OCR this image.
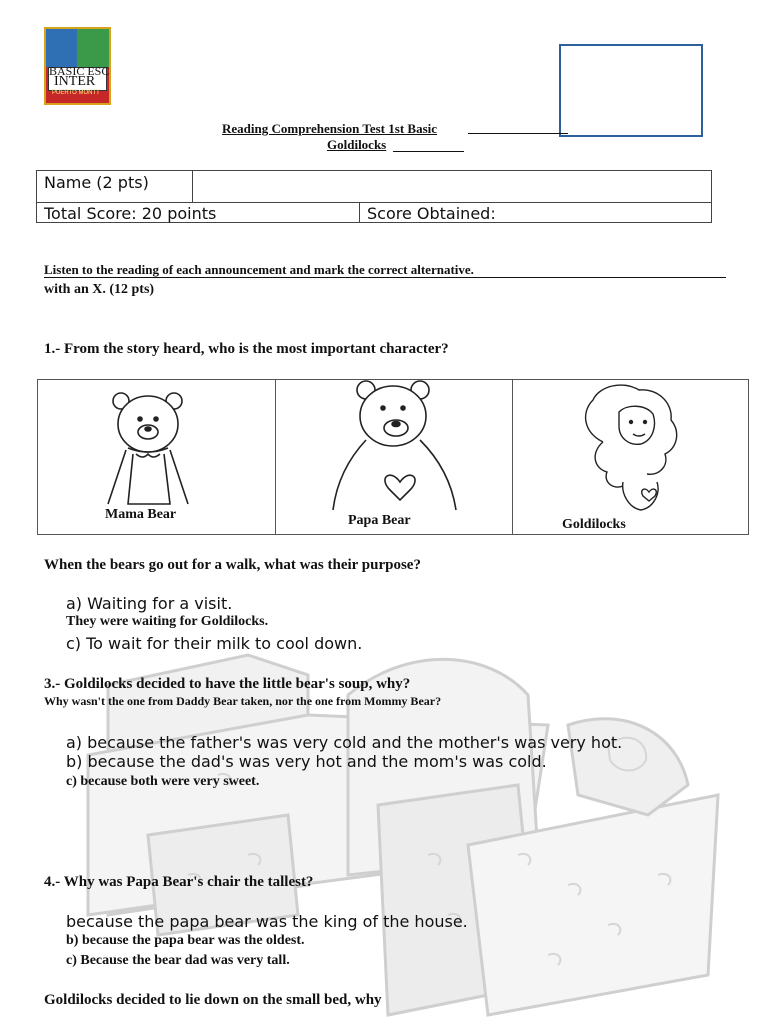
BASIC ESC
INTER
PUERTO MONTT
Reading Comprehension Test 1st Basic
Goldilocks
Name (2 pts)
Total Score: 20 points	Score Obtained:
Listen to the reading of each announcement and mark the correct alternative.
with an X. (12 pts)
1.- From the story heard, who is the most important character?
Mama Bear	Papa Bear	Goldilocks
When the bears go out for a walk, what was their purpose?
a) Waiting for a visit.
They were waiting for Goldilocks.
c) To wait for their milk to cool down.
3.- Goldilocks decided to have the little bear's soup, why?
Why wasn't the one from Daddy Bear taken, nor the one from Mommy Bear?
a) because the father's was very cold and the mother's was very hot.
b) because the dad's was very hot and the mom's was cold.
c) because both were very sweet.
4.- Why was Papa Bear's chair the tallest?
because the papa bear was the king of the house.
b) because the papa bear was the oldest.
c) Because the bear dad was very tall.
Goldilocks decided to lie down on the small bed, why
